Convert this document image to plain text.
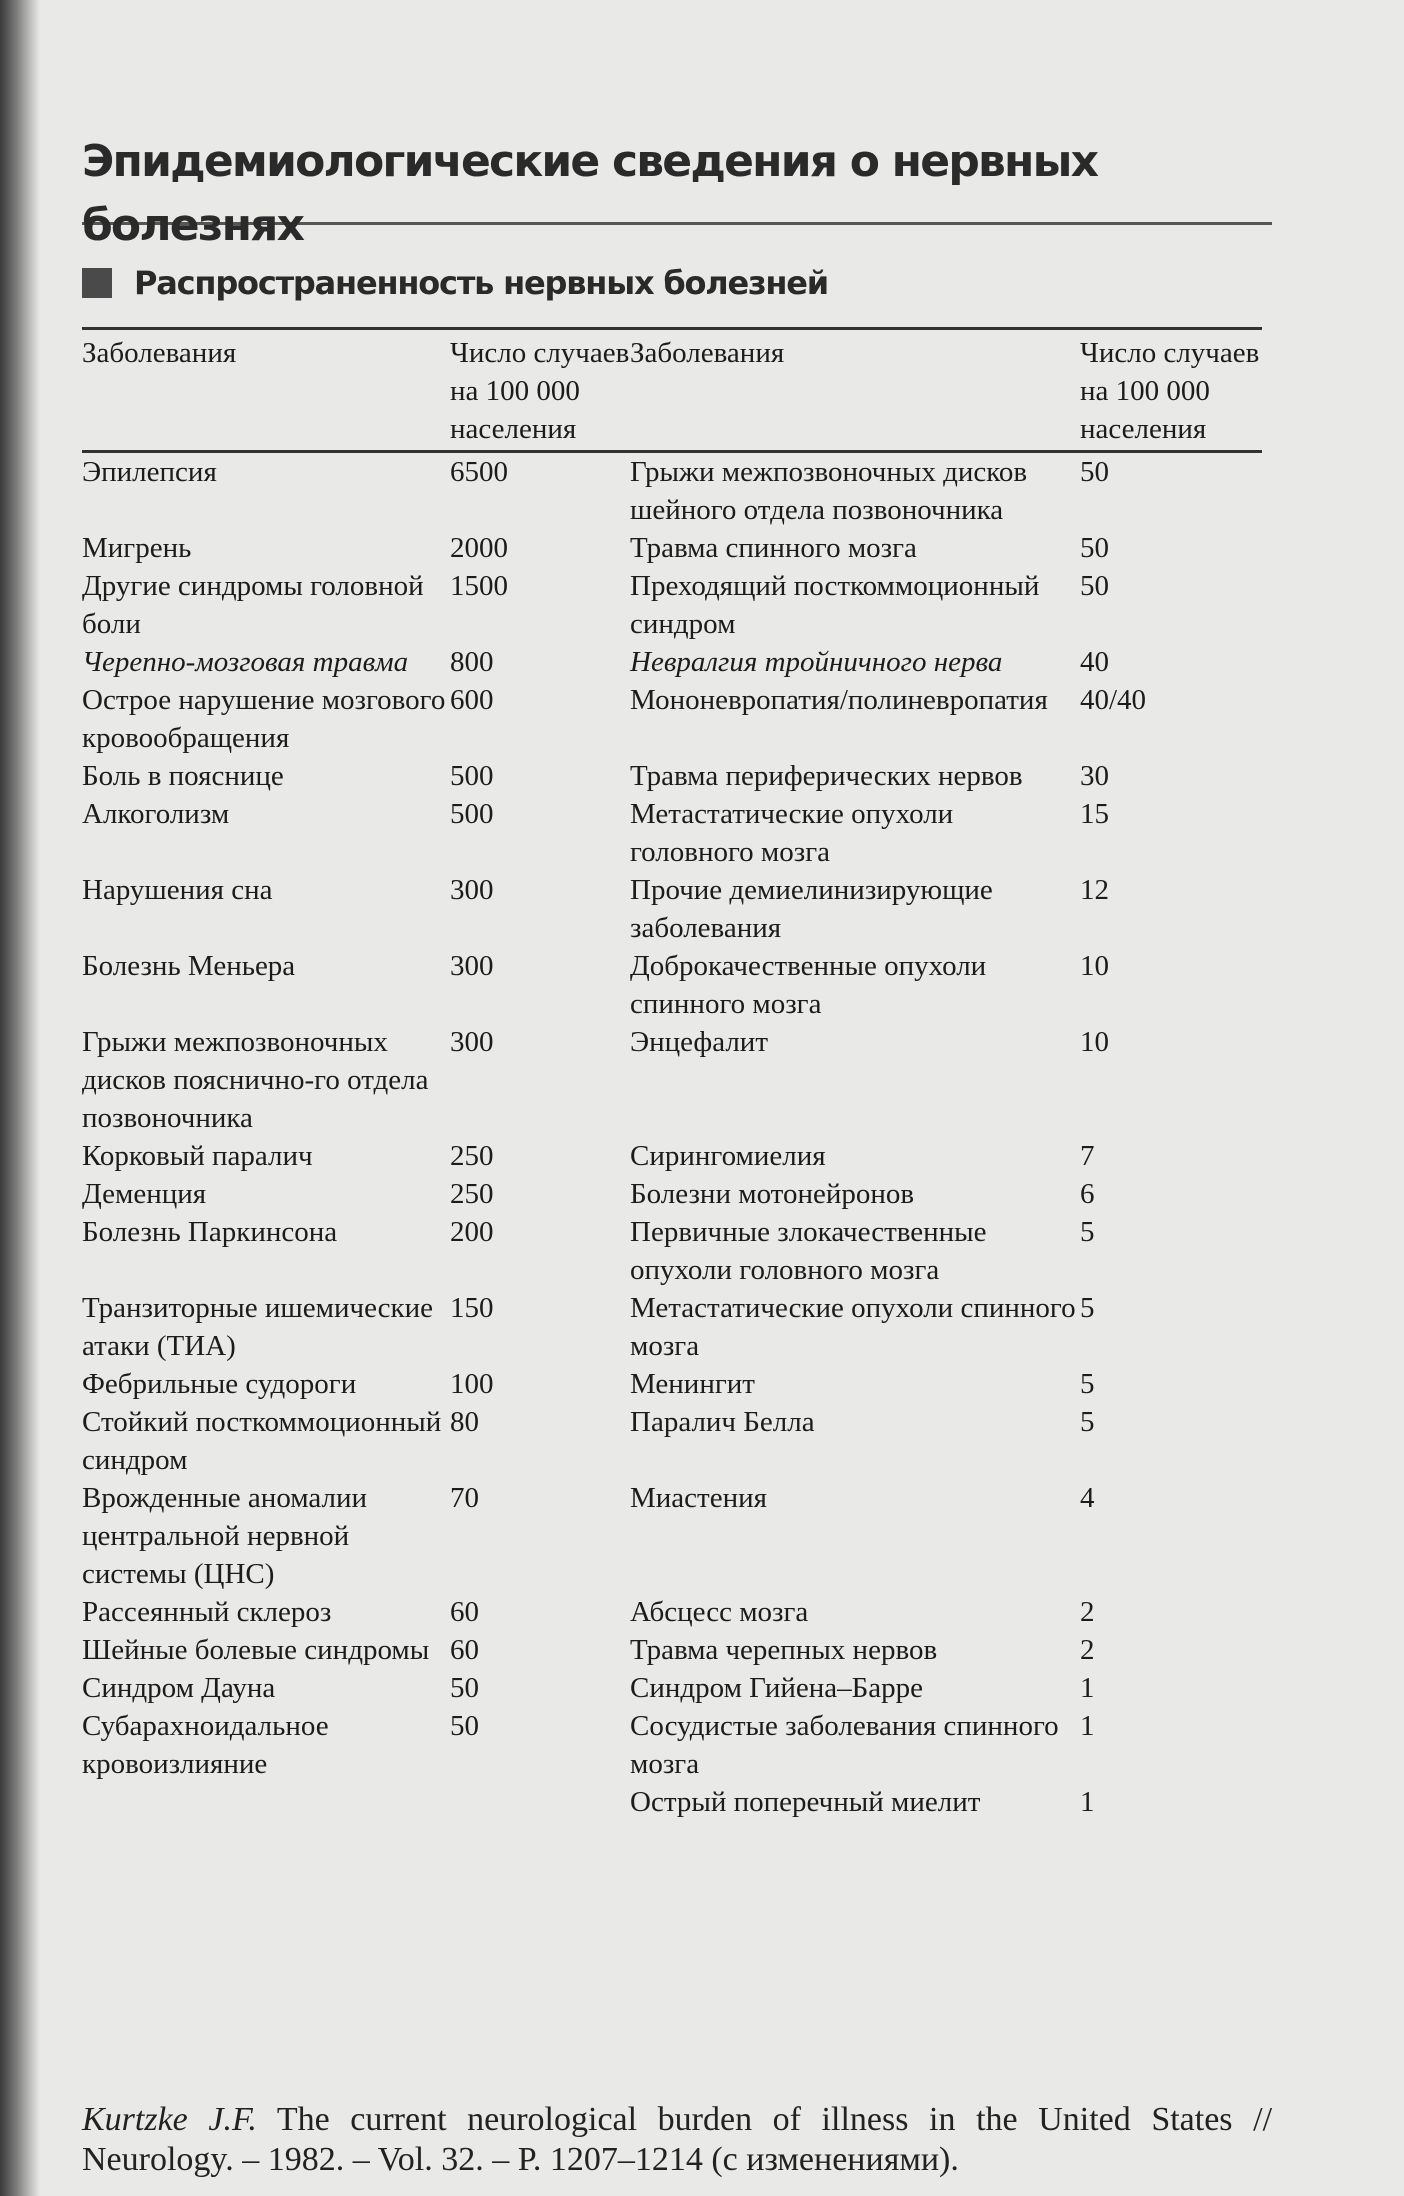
Эпидемиологические сведения о нервных болезнях
Распространенность нервных болезней
Заболевания	Число случаев на 100 000 населения	Заболевания	Число случаев на 100 000 населения
Эпилепсия	6500	Грыжи межпозвоночных дисков шейного отдела позвоночника	50
Мигрень	2000	Травма спинного мозга	50
Другие синдромы головной боли	1500	Преходящий посткоммоционный синдром	50
Черепно-мозговая травма	800	Невралгия тройничного нерва	40
Острое нарушение мозгового кровообращения	600	Мононевропатия/полиневропатия	40/40
Боль в пояснице	500	Травма периферических нервов	30
Алкоголизм	500	Метастатические опухоли головного мозга	15
Нарушения сна	300	Прочие демиелинизирующие заболевания	12
Болезнь Меньера	300	Доброкачественные опухоли спинного мозга	10
Грыжи межпозвоночных дисков пояснично-го отдела позвоночника	300	Энцефалит	10
Корковый паралич	250	Сирингомиелия	7
Деменция	250	Болезни мотонейронов	6
Болезнь Паркинсона	200	Первичные злокачественные опухоли головного мозга	5
Транзиторные ишемические атаки (ТИА)	150	Метастатические опухоли спинного мозга	5
Фебрильные судороги	100	Менингит	5
Стойкий посткоммоционный синдром	80	Паралич Белла	5
Врожденные аномалии центральной нервной системы (ЦНС)	70	Миастения	4
Рассеянный склероз	60	Абсцесс мозга	2
Шейные болевые синдромы	60	Травма черепных нервов	2
Синдром Дауна	50	Синдром Гийена–Барре	1
Субарахноидальное кровоизлияние	50	Сосудистые заболевания спинного мозга	1
		Острый поперечный миелит	1
Kurtzke J.F. The current neurological burden of illness in the United States // Neurology. – 1982. – Vol. 32. – P. 1207–1214 (с изменениями).
